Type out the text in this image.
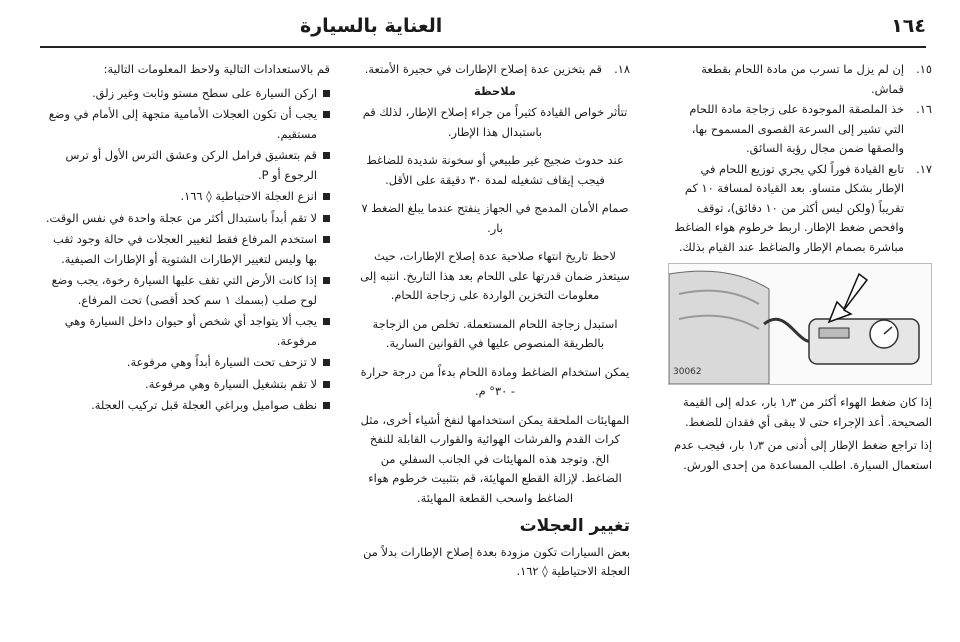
١٦٤
العناية بالسيارة
١٥.
إن لم يزل ما تسرب من مادة اللحام بقطعة قماش.
١٦.
خذ الملصقة الموجودة على زجاجة مادة اللحام التي تشير إلى السرعة القصوى المسموح بها، والصقها ضمن مجال رؤية السائق.
١٧.
تابع القيادة فوراً لكي يجري توزيع اللحام في الإطار بشكل متساو. بعد القيادة لمسافة ١٠ كم تقريباً (ولكن ليس أكثر من ١٠ دقائق)، توقف وافحص ضغط الإطار. اربط خرطوم هواء الضاغط مباشرة بصمام الإطار والضاغط عند القيام بذلك.
30062

إذا كان ضغط الهواء أكثر من ١٫٣ بار، عدله إلى القيمة الصحيحة. أعد الإجراء حتى لا يبقى أي فقدان للضغط.

إذا تراجع ضغط الإطار إلى أدنى من ١٫٣ بار، فيجب عدم استعمال السيارة. اطلب المساعدة من إحدى الورش.

١٨.
قم بتخزين عدة إصلاح الإطارات في حجيرة الأمتعة.
ملاحظة

تتأثر خواص القيادة كثيراً من جراء إصلاح الإطار، لذلك قم باستبدال هذا الإطار.

عند حدوث ضجيج غير طبيعي أو سخونة شديدة للضاغط فيجب إيقاف تشغيله لمدة ٣٠ دقيقة على الأقل.

صمام الأمان المدمج في الجهاز ينفتح عندما يبلغ الضغط ٧ بار.

لاحظ تاريخ انتهاء صلاحية عدة إصلاح الإطارات، حيث سيتعذر ضمان قدرتها على اللحام بعد هذا التاريخ. انتبه إلى معلومات التخزين الواردة على زجاجة اللحام.

استبدل زجاجة اللحام المستعملة. تخلص من الزجاجة بالطريقة المنصوص عليها في القوانين السارية.

يمكن استخدام الضاغط ومادة اللحام بدءاً من درجة حرارة - ٣٠° م.

المهايئات الملحقة يمكن استخدامها لنفخ أشياء أخرى، مثل كرات القدم والفرشات الهوائية والقوارب القابلة للنفخ الخ. وتوجد هذه المهايئات في الجانب السفلي من الضاغط. لإزالة القطع المهايئة، قم بتثبيت خرطوم هواء الضاغط واسحب القطعة المهايئة.

تغيير العجلات

بعض السيارات تكون مزودة بعدة إصلاح الإطارات بدلاً من العجلة الاحتياطية ◊ ١٦٢.

قم بالاستعدادات التالية ولاحظ المعلومات التالية:

اركن السيارة على سطح مستو وثابت وغير زلق.
يجب أن تكون العجلات الأمامية متجهة إلى الأمام في وضع مستقيم.
قم بتعشيق فرامل الركن وعشق الترس الأول أو ترس الرجوع أو P.
انزع العجلة الاحتياطية ◊ ١٦٦.
لا تقم أبداً باستبدال أكثر من عجلة واحدة في نفس الوقت.
استخدم المرفاع فقط لتغيير العجلات في حالة وجود ثقب بها وليس لتغيير الإطارات الشتوية أو الإطارات الصيفية.
إذا كانت الأرض التي تقف عليها السيارة رخوة، يجب وضع لوح صلب (بسمك ١ سم كحد أقصى) تحت المرفاع.
يجب ألا يتواجد أي شخص أو حيوان داخل السيارة وهي مرفوعة.
لا تزحف تحت السيارة أبداً وهي مرفوعة.
لا تقم بتشغيل السيارة وهي مرفوعة.
نظف صواميل وبراغي العجلة قبل تركيب العجلة.
